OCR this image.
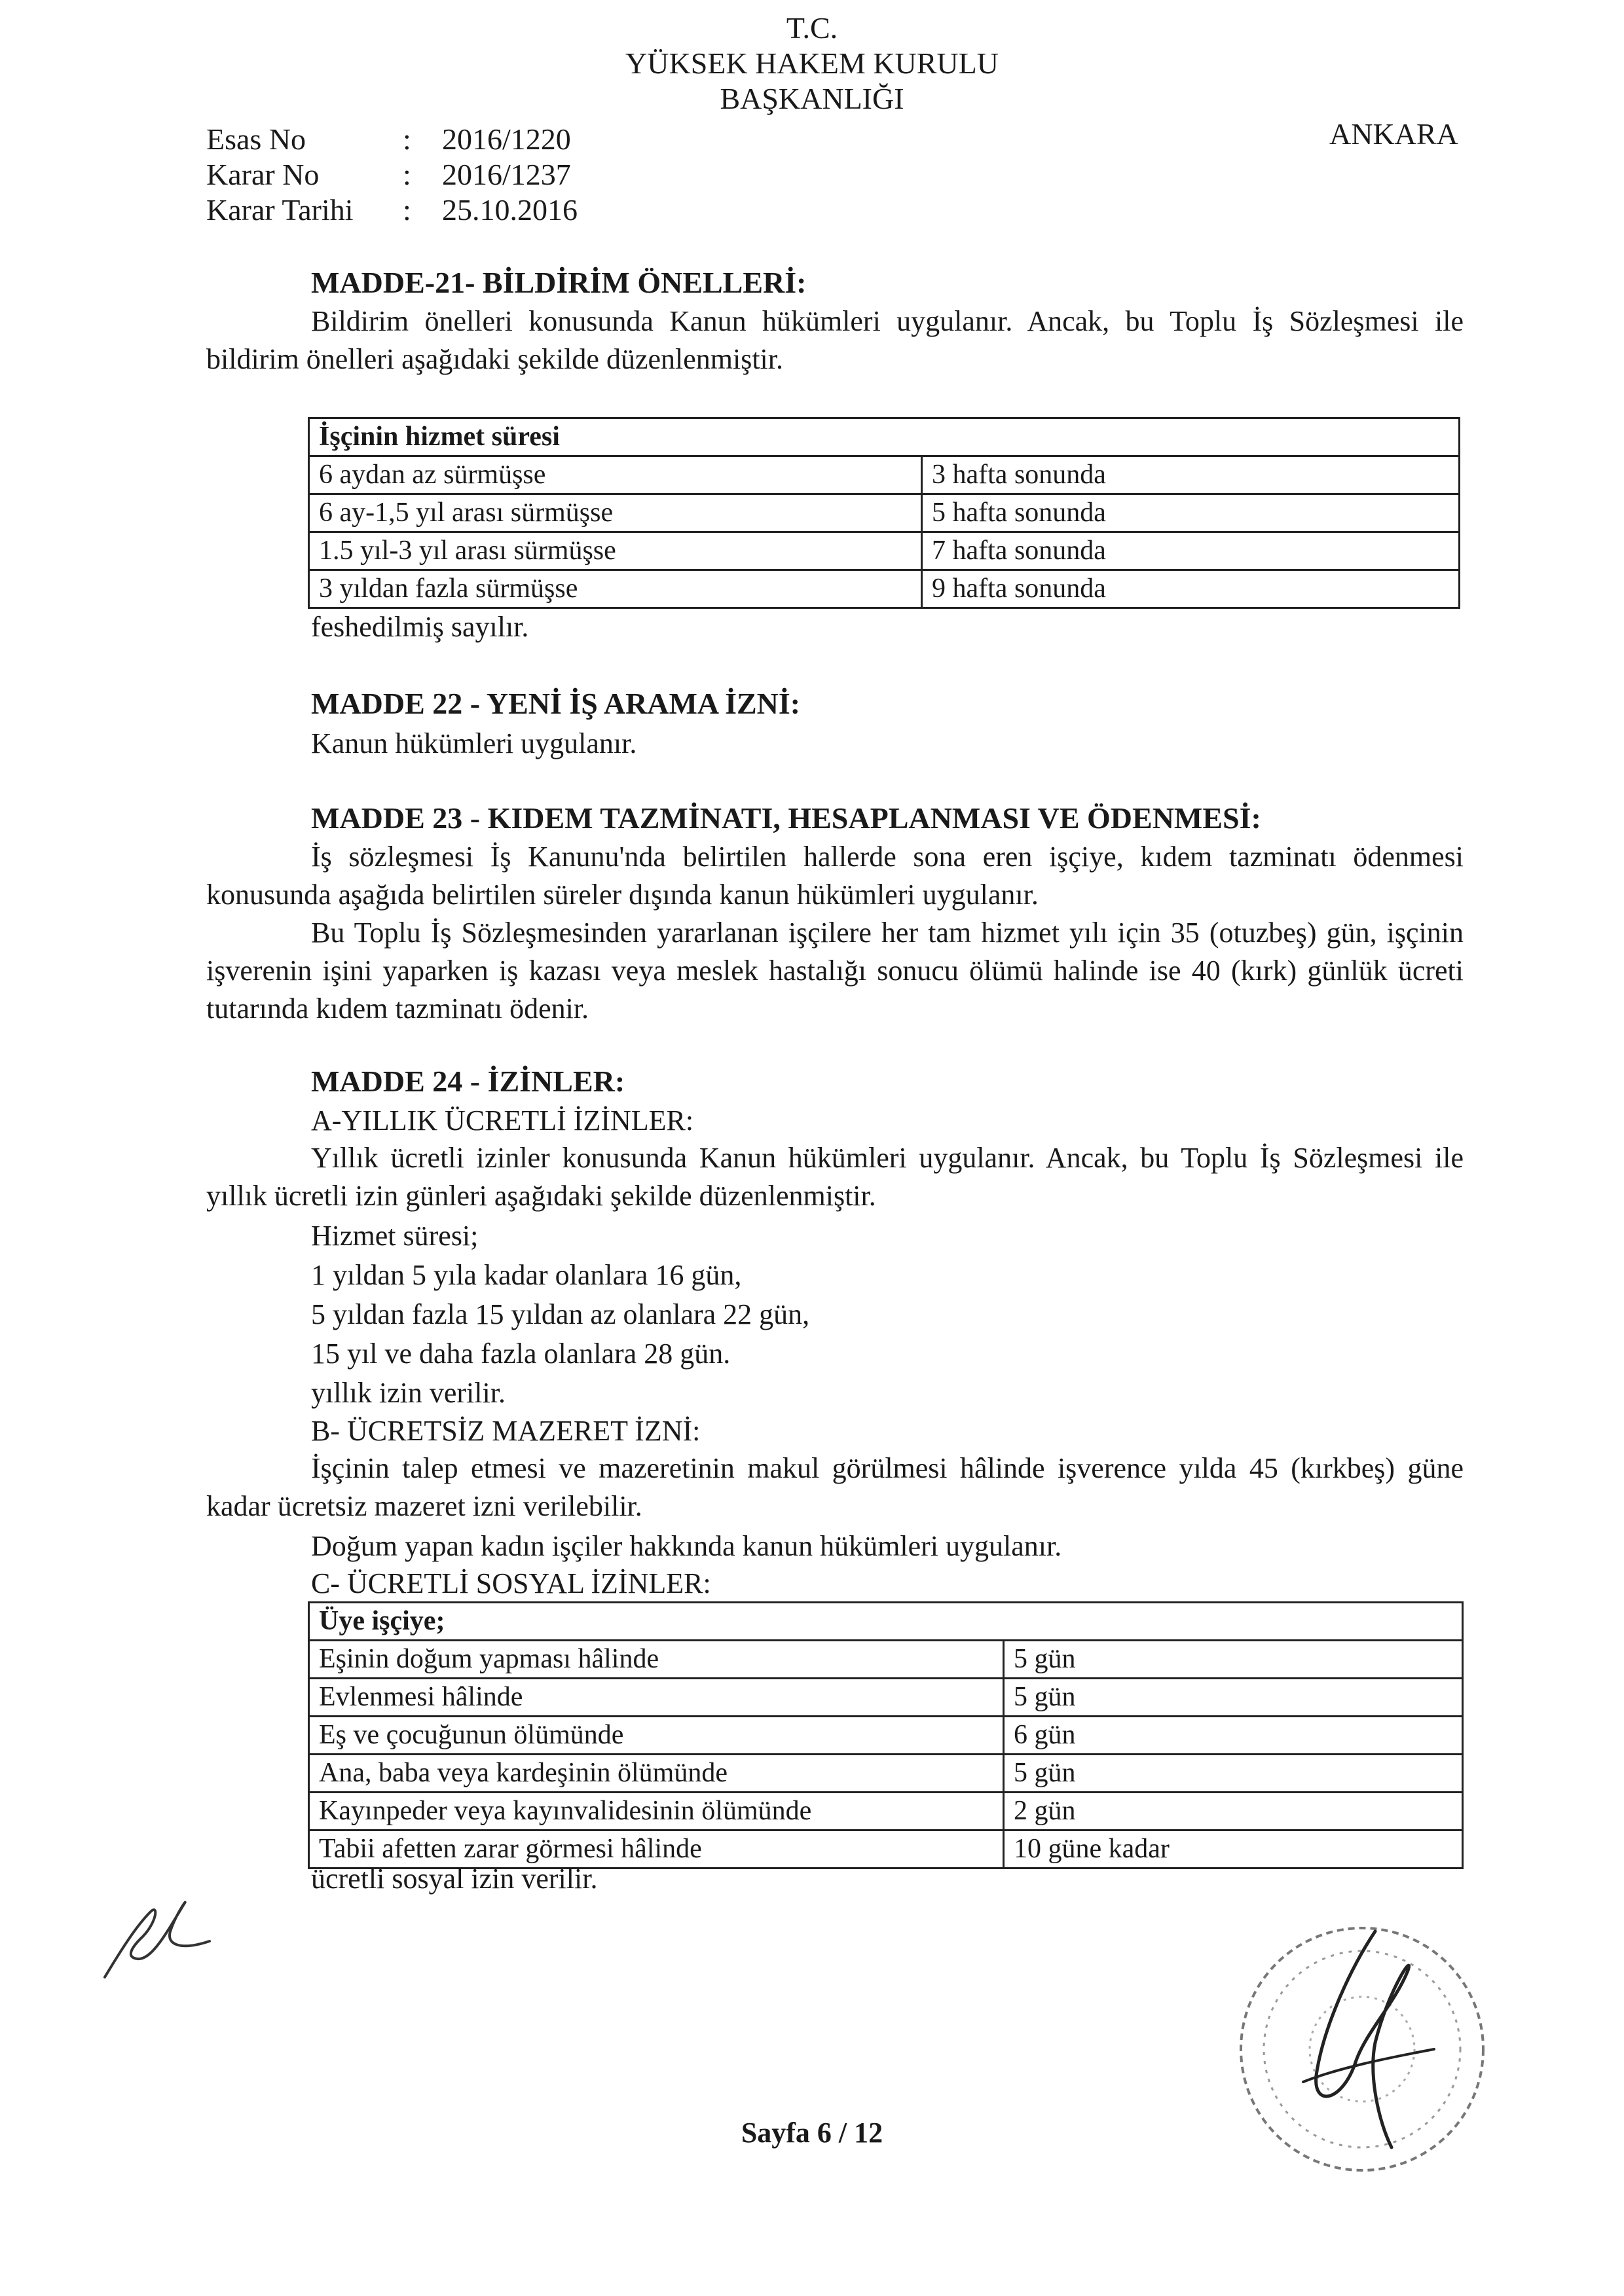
T.C.
YÜKSEK HAKEM KURULU
BAŞKANLIĞI
ANKARA
Esas No	:	2016/1220
Karar No	:	2016/1237
Karar Tarihi	:	25.10.2016
MADDE-21- BİLDİRİM ÖNELLERİ:
Bildirim önelleri konusunda Kanun hükümleri uygulanır. Ancak, bu Toplu İş Sözleşmesi ile bildirim önelleri aşağıdaki şekilde düzenlenmiştir.
İşçinin hizmet süresi	
6 aydan az sürmüşse	3 hafta sonunda
6 ay-1,5 yıl arası sürmüşse	5 hafta sonunda
1.5 yıl-3 yıl arası sürmüşse	7 hafta sonunda
3 yıldan fazla sürmüşse	9 hafta sonunda
feshedilmiş sayılır.
MADDE 22 - YENİ İŞ ARAMA İZNİ:
Kanun hükümleri uygulanır.
MADDE 23 - KIDEM TAZMİNATI, HESAPLANMASI VE ÖDENMESİ:
İş sözleşmesi İş Kanunu'nda belirtilen hallerde sona eren işçiye, kıdem tazminatı ödenmesi konusunda aşağıda belirtilen süreler dışında kanun hükümleri uygulanır.
Bu Toplu İş Sözleşmesinden yararlanan işçilere her tam hizmet yılı için 35 (otuzbeş) gün, işçinin işverenin işini yaparken iş kazası veya meslek hastalığı sonucu ölümü halinde ise 40 (kırk) günlük ücreti tutarında kıdem tazminatı ödenir.
MADDE 24 - İZİNLER:
A-YILLIK ÜCRETLİ İZİNLER:
Yıllık ücretli izinler konusunda Kanun hükümleri uygulanır. Ancak, bu Toplu İş Sözleşmesi ile yıllık ücretli izin günleri aşağıdaki şekilde düzenlenmiştir.
Hizmet süresi;
1 yıldan 5 yıla kadar olanlara 16 gün,
5 yıldan fazla 15 yıldan az olanlara 22 gün,
15 yıl ve daha fazla olanlara 28 gün.
yıllık izin verilir.
B- ÜCRETSİZ MAZERET İZNİ:
İşçinin talep etmesi ve mazeretinin makul görülmesi hâlinde işverence yılda 45 (kırkbeş) güne kadar ücretsiz mazeret izni verilebilir.
Doğum yapan kadın işçiler hakkında kanun hükümleri uygulanır.
C- ÜCRETLİ SOSYAL İZİNLER:
Üye işçiye;	
Eşinin doğum yapması hâlinde	5 gün
Evlenmesi hâlinde	5 gün
Eş ve çocuğunun ölümünde	6 gün
Ana, baba veya kardeşinin ölümünde	5 gün
Kayınpeder veya kayınvalidesinin ölümünde	2 gün
Tabii afetten zarar görmesi hâlinde	10 güne kadar
ücretli sosyal izin verilir.
Sayfa 6 / 12
